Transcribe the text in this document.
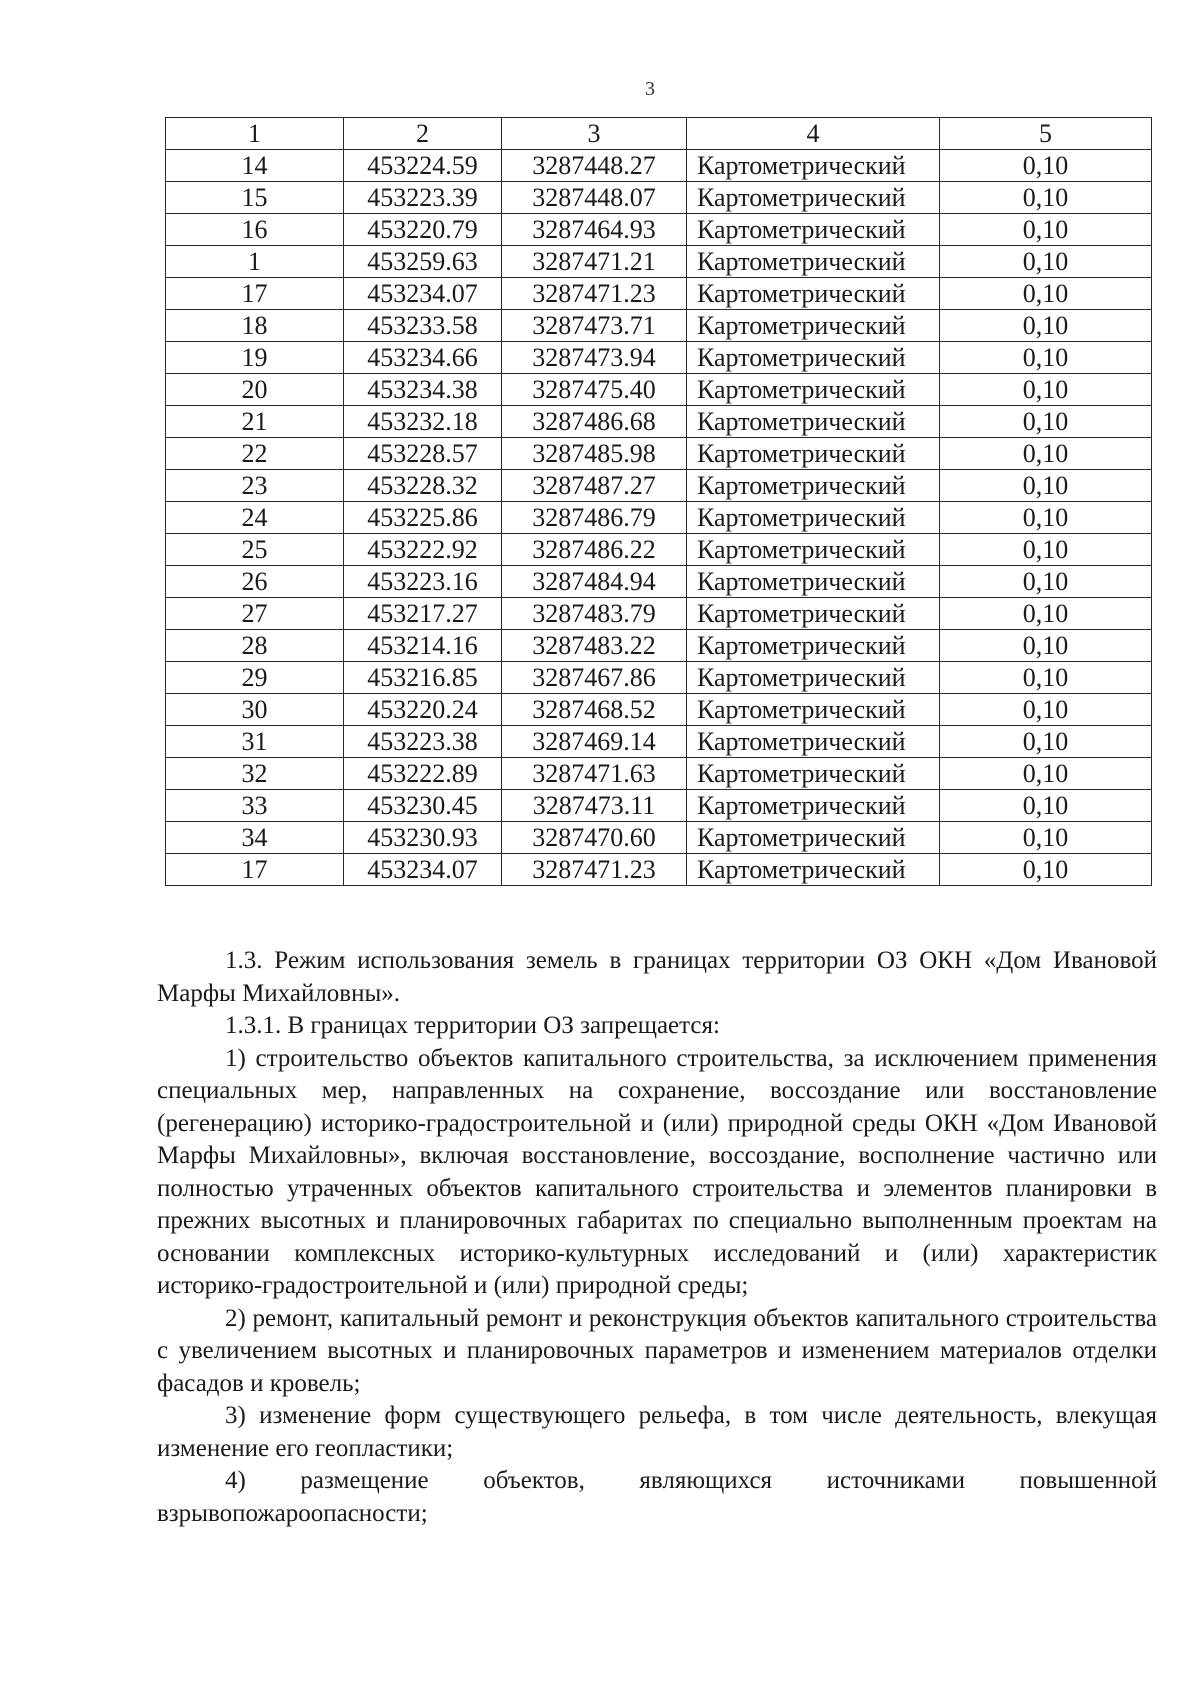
3
1	2	3	4	5
14	453224.59	3287448.27	Картометрический	0,10
15	453223.39	3287448.07	Картометрический	0,10
16	453220.79	3287464.93	Картометрический	0,10
1	453259.63	3287471.21	Картометрический	0,10
17	453234.07	3287471.23	Картометрический	0,10
18	453233.58	3287473.71	Картометрический	0,10
19	453234.66	3287473.94	Картометрический	0,10
20	453234.38	3287475.40	Картометрический	0,10
21	453232.18	3287486.68	Картометрический	0,10
22	453228.57	3287485.98	Картометрический	0,10
23	453228.32	3287487.27	Картометрический	0,10
24	453225.86	3287486.79	Картометрический	0,10
25	453222.92	3287486.22	Картометрический	0,10
26	453223.16	3287484.94	Картометрический	0,10
27	453217.27	3287483.79	Картометрический	0,10
28	453214.16	3287483.22	Картометрический	0,10
29	453216.85	3287467.86	Картометрический	0,10
30	453220.24	3287468.52	Картометрический	0,10
31	453223.38	3287469.14	Картометрический	0,10
32	453222.89	3287471.63	Картометрический	0,10
33	453230.45	3287473.11	Картометрический	0,10
34	453230.93	3287470.60	Картометрический	0,10
17	453234.07	3287471.23	Картометрический	0,10

1.3. Режим использования земель в границах территории ОЗ ОКН «Дом Ивановой Марфы Михайловны».

1.3.1. В границах территории ОЗ запрещается:

1) строительство объектов капитального строительства, за исключением применения специальных мер, направленных на сохранение, воссоздание или восстановление (регенерацию) историко-градостроительной и (или) природной среды ОКН «Дом Ивановой Марфы Михайловны», включая восстановление, воссоздание, восполнение частично или полностью утраченных объектов капитального строительства и элементов планировки в прежних высотных и планировочных габаритах по специально выполненным проектам на основании комплексных историко-культурных исследований и (или) характеристик историко-градостроительной и (или) природной среды;

2) ремонт, капитальный ремонт и реконструкция объектов капитального строительства с увеличением высотных и планировочных параметров и изменением материалов отделки фасадов и кровель;

3) изменение форм существующего рельефа, в том числе деятельность, влекущая изменение его геопластики;

4) размещение объектов, являющихся источниками повышенной взрывопожароопасности;
